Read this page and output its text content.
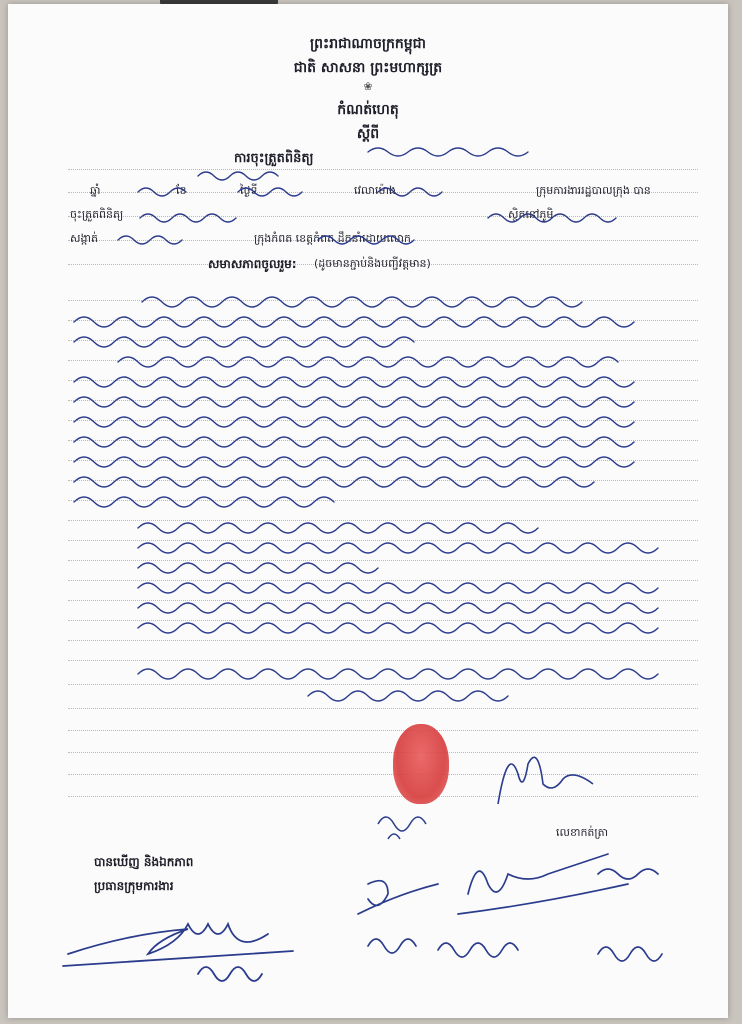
ព្រះរាជាណាចក្រកម្ពុជា
ជាតិ សាសនា ព្រះមហាក្សត្រ
❀
កំណត់ហេតុ
ស្តីពី
ការចុះត្រួតពិនិត្យ
ឆ្នាំ	ខែ	ថ្ងៃទី	វេលាម៉ោង	ក្រុមការងាររដ្ឋបាលក្រុង បាន
ចុះត្រួតពិនិត្យ	ស្ថិតនៅភូមិ
សង្កាត់	ក្រុងកំពត ខេត្តកំពត ដឹកនាំដោយលោក
សមាសភាពចូលរួម: (ដូចមានភ្ជាប់និងបញ្ជីវត្តមាន)
លេខាកត់ត្រា
បានឃើញ និងឯកភាព
ប្រធានក្រុមការងារ
